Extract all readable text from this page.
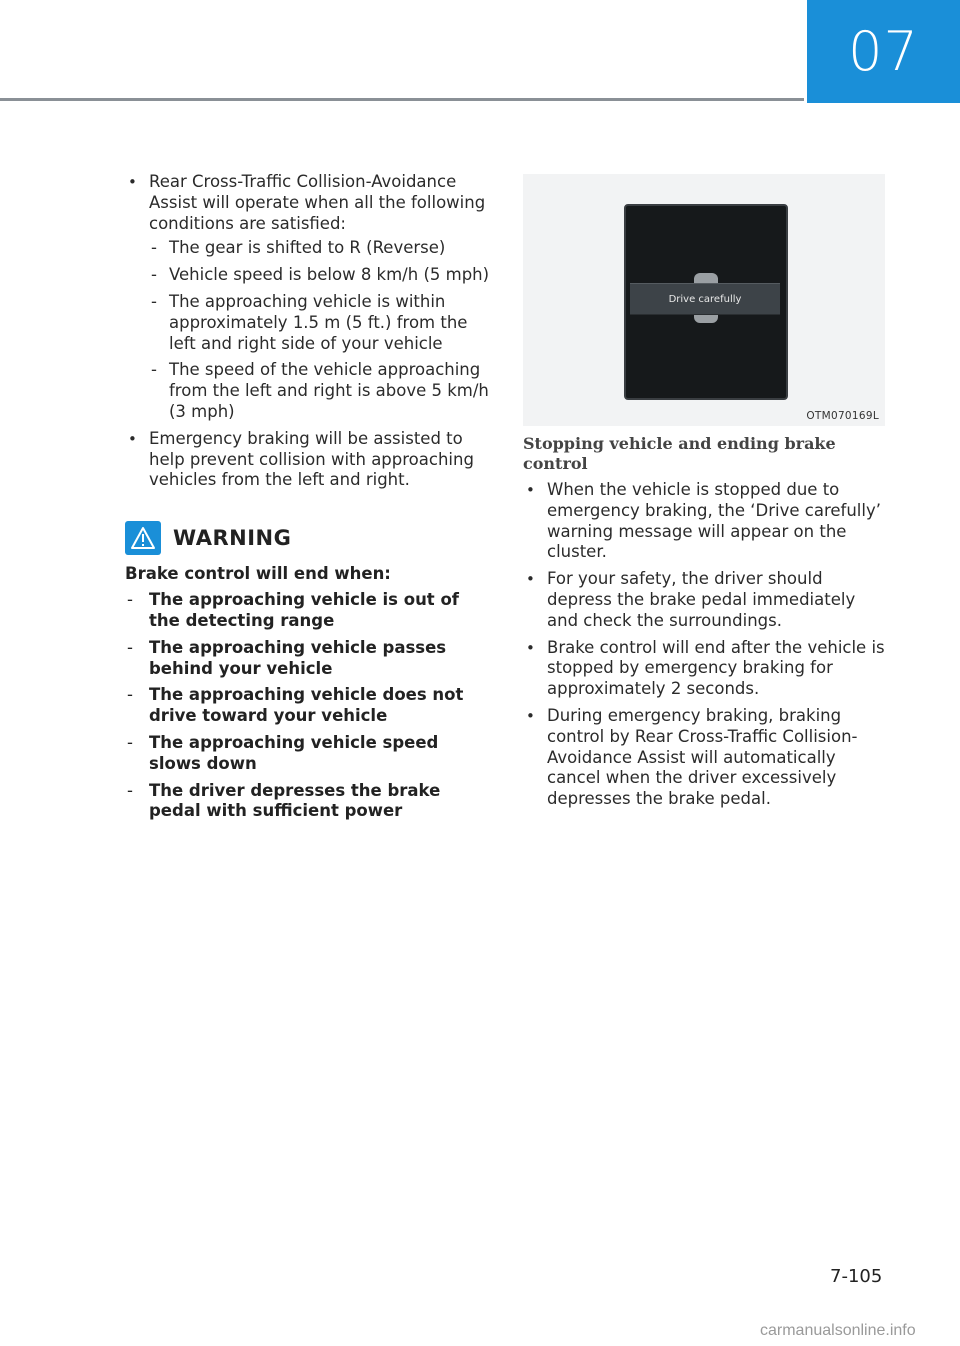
07
• Rear Cross-Traffic Collision-Avoidance Assist will operate when all the following conditions are satisfied:
- The gear is shifted to R (Reverse)
- Vehicle speed is below 8 km/h (5 mph)
- The approaching vehicle is within approximately 1.5 m (5 ft.) from the left and right side of your vehicle
- The speed of the vehicle approaching from the left and right is above 5 km/h (3 mph)
• Emergency braking will be assisted to help prevent collision with approaching vehicles from the left and right.
WARNING
Brake control will end when:
- The approaching vehicle is out of the detecting range
- The approaching vehicle passes behind your vehicle
- The approaching vehicle does not drive toward your vehicle
- The approaching vehicle speed slows down
- The driver depresses the brake pedal with sufficient power
Drive carefully
OTM070169L
Stopping vehicle and ending brake control
• When the vehicle is stopped due to emergency braking, the ‘Drive carefully’ warning message will appear on the cluster.
• For your safety, the driver should depress the brake pedal immediately and check the surroundings.
• Brake control will end after the vehicle is stopped by emergency braking for approximately 2 seconds.
• During emergency braking, braking control by Rear Cross-Traffic Collision-Avoidance Assist will automatically cancel when the driver excessively depresses the brake pedal.
7-105
carmanualsonline.info
